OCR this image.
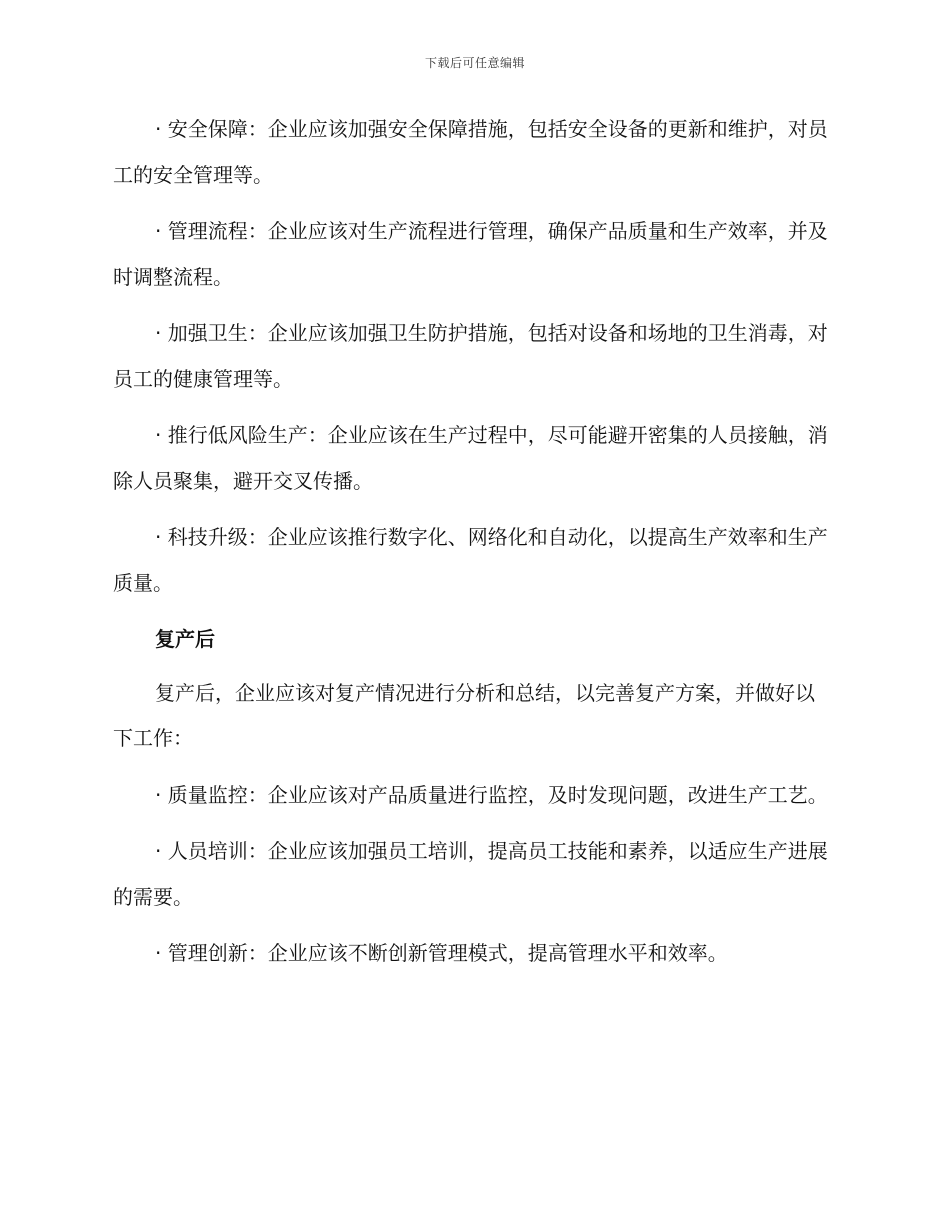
下载后可任意编辑

· 安全保障：企业应该加强安全保障措施，包括安全设备的更新和维护，对员工的安全管理等。

· 管理流程：企业应该对生产流程进行管理，确保产品质量和生产效率，并及时调整流程。

· 加强卫生：企业应该加强卫生防护措施，包括对设备和场地的卫生消毒，对员工的健康管理等。

· 推行低风险生产：企业应该在生产过程中，尽可能避开密集的人员接触，消除人员聚集，避开交叉传播。

· 科技升级：企业应该推行数字化、网络化和自动化，以提高生产效率和生产质量。

复产后

复产后，企业应该对复产情况进行分析和总结，以完善复产方案，并做好以下工作：

· 质量监控：企业应该对产品质量进行监控，及时发现问题，改进生产工艺。

· 人员培训：企业应该加强员工培训，提高员工技能和素养，以适应生产进展的需要。

· 管理创新：企业应该不断创新管理模式，提高管理水平和效率。
